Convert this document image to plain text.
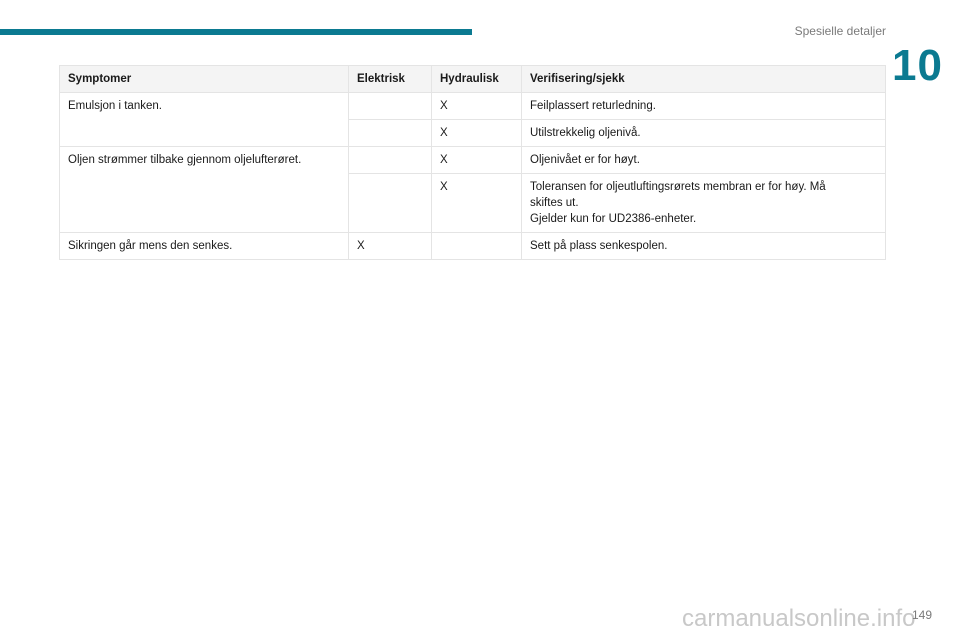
Spesielle detaljer
10
Symptomer	Elektrisk	Hydraulisk	Verifisering/sjekk
Emulsjon i tanken.		X	Feilplassert returledning.

		X	Utilstrekkelig oljenivå.

Oljen strømmer tilbake gjennom oljelufterøret.		X	Oljenivået er for høyt.

		X	Toleransen for oljeutluftingsrørets membran er for høy. Må
skiftes ut.
Gjelder kun for UD2386-enheter.

Sikringen går mens den senkes.	X		Sett på plass senkespolen.
carmanualsonline.info
149
